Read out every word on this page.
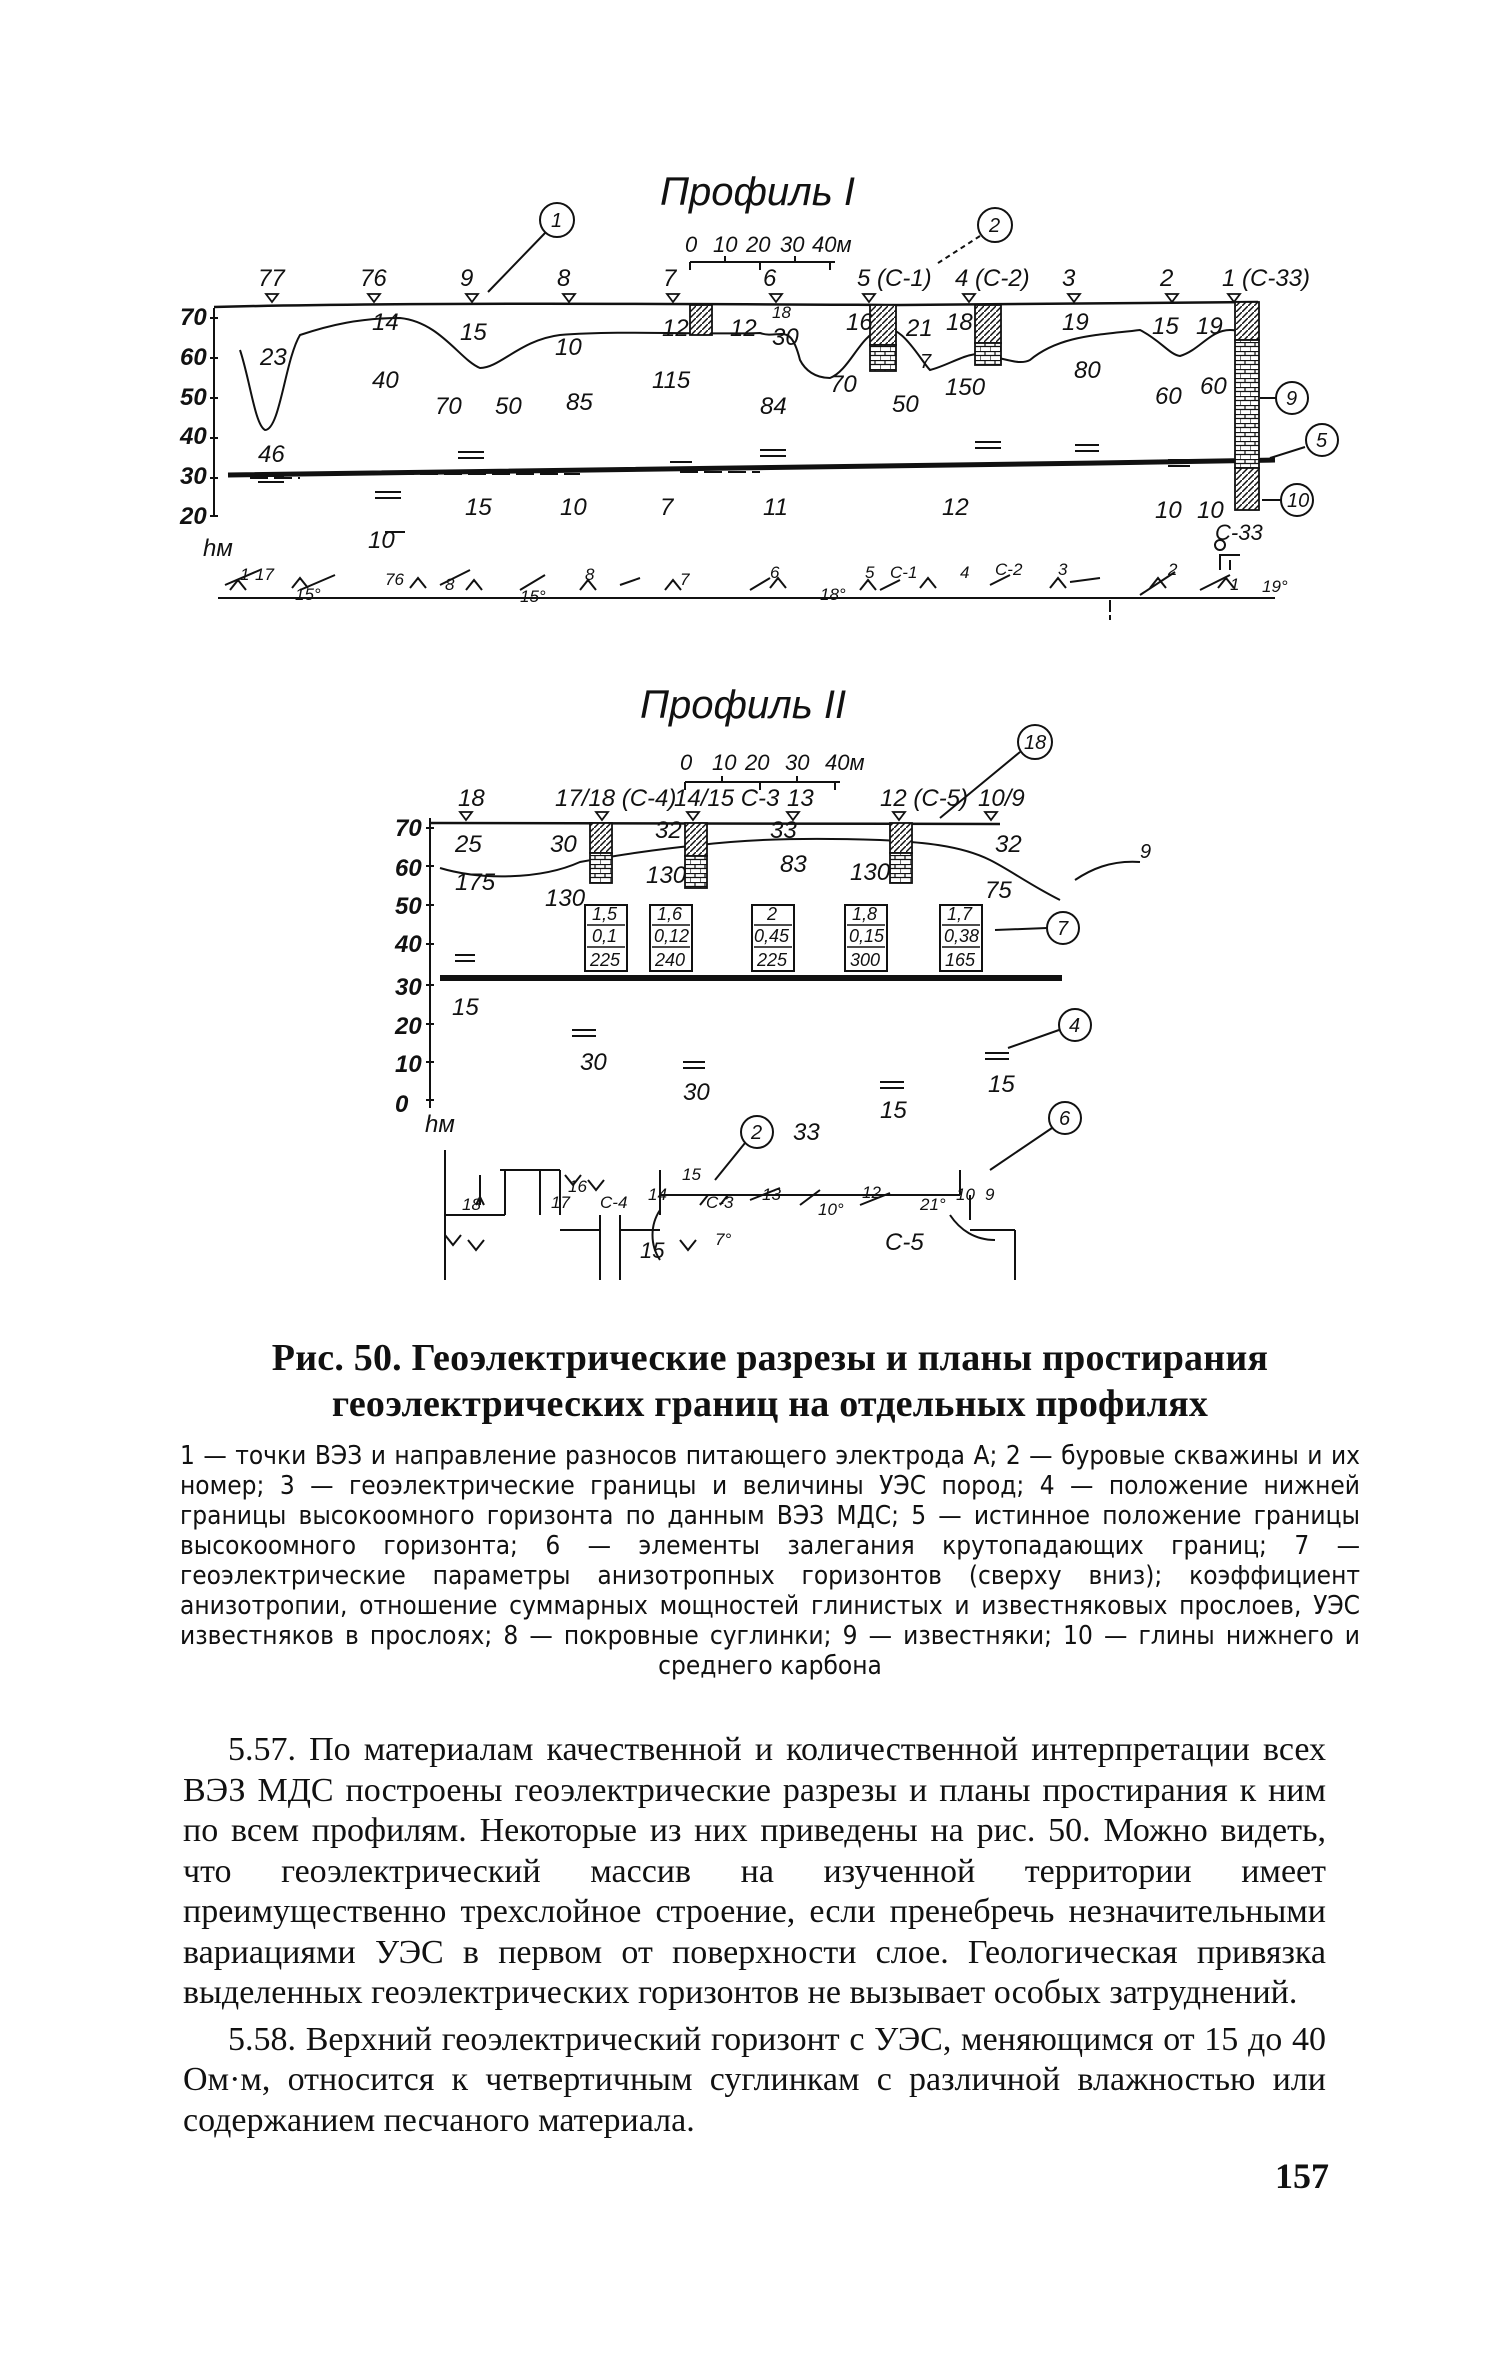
Профиль I
0 10 20 30 40м
1	2
9
5
10
77	76	9	8	7	6	5 (С-1) 4 (С-2) 3	2 1 (С-33)
70
60
50
40
30
20
hм
14	15
10
12 12
18
30
16 21 18
7
19	15 19
23
46
40
70 50 85
115
84
70
50
150
80
60 60
15	10	7	11	12	10 10
10
1 17	76
15°
8
15°
8	7	6
18°
5 С-1	4 С-2 3	2
1 19°
С-33
Профиль II
0 10 20 30 40м
18
9
7
4
2
6
18	17/18 (С-4)
14/15 С-3 13	12 (С-5) 10/9
70
60
50
40
30
20
10
0
hм
25	30
32	33
32
175
130
130	83 130
75
1,5
0,1
225
1,6
0,12
240
2
0,45
225
1,8
0,15
300
1,7
0,38
165
15
30
30
33
15
15
18
16
17 С-4 14
15
С-3 13
10°
12
21°
С-5
10 9
15	7°
Рис. 50. Геоэлектрические разрезы и планы простирания геоэлектрических границ на отдельных профилях
1 — точки ВЭЗ и направление разносов питающего электрода А; 2 — буровые скважины и их номер; 3 — геоэлектрические границы и величины УЭС пород; 4 — положение нижней границы высокоомного горизонта по данным ВЭЗ МДС; 5 — истинное положение границы высокоомного горизонта; 6 — элементы залегания крутопадающих границ; 7 — геоэлектрические параметры анизотропных горизонтов (сверху вниз); коэффициент анизотропии, отношение суммарных мощностей глинистых и известняковых прослоев, УЭС известняков в прослоях; 8 — покровные суглинки; 9 — известняки; 10 — глины нижнего и среднего карбона

5.57. По материалам качественной и количественной интерпретации всех ВЭЗ МДС построены геоэлектрические разрезы и планы простирания к ним по всем профилям. Некоторые из них приведены на рис. 50. Можно видеть, что геоэлектрический массив на изученной территории имеет преимущественно трехслойное строение, если пренебречь незначительными вариациями УЭС в первом от поверхности слое. Геологическая привязка выделенных геоэлектрических горизонтов не вызывает особых затруднений.

5.58. Верхний геоэлектрический горизонт с УЭС, меняющимся от 15 до 40 Ом·м, относится к четвертичным суглинкам с различной влажностью или содержанием песчаного материала.

157
